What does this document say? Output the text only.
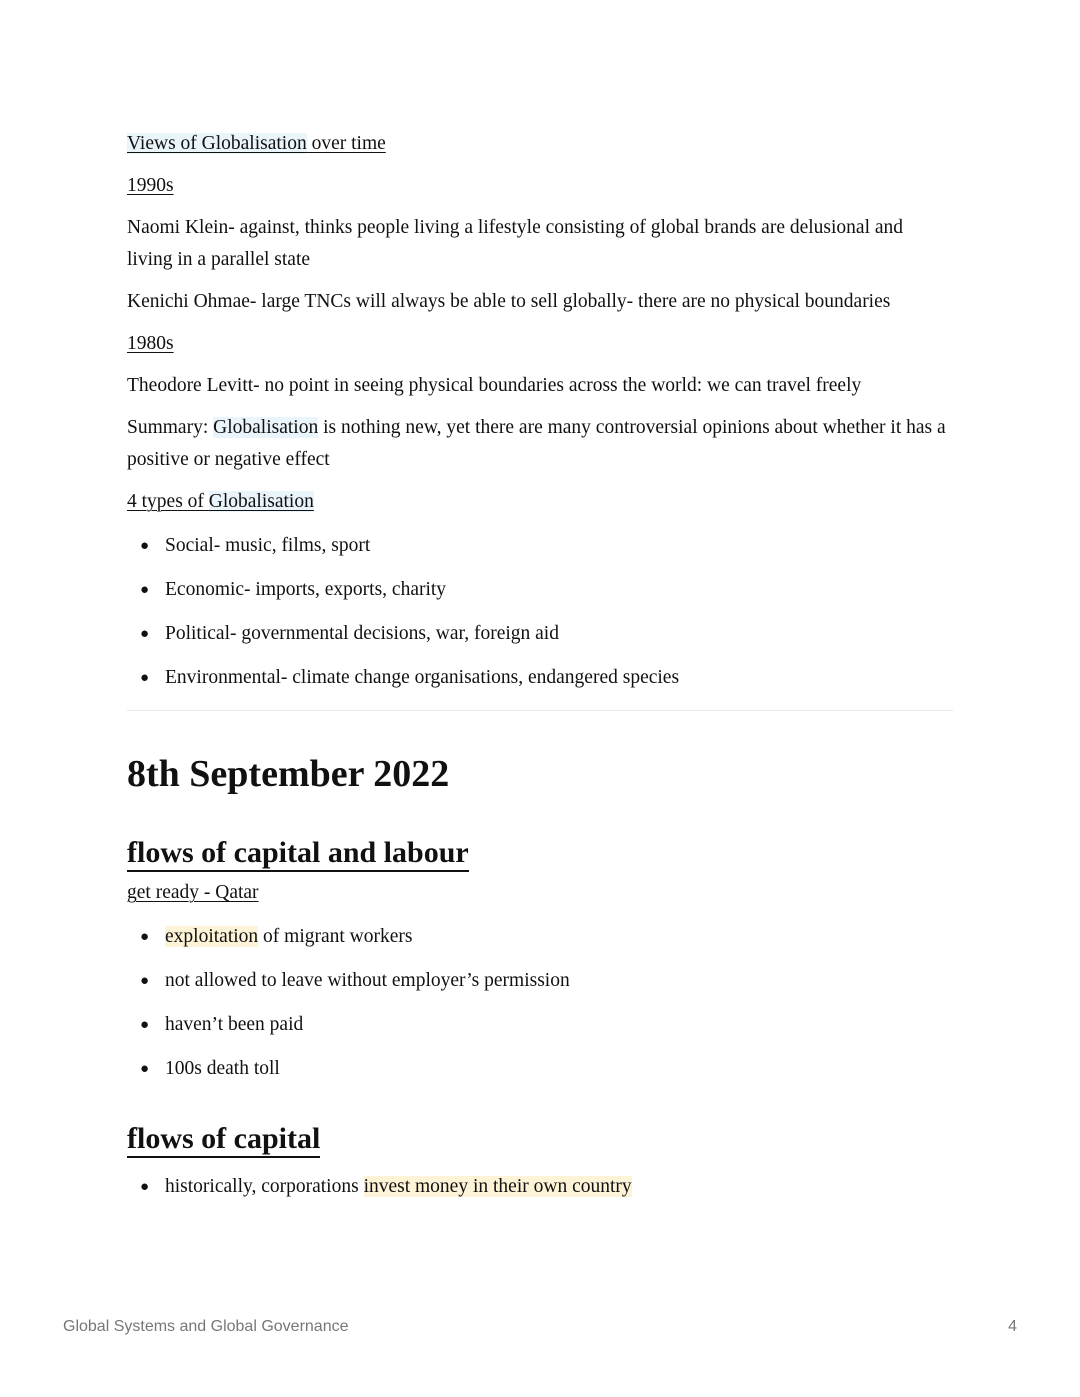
Views of Globalisation over time

1990s

Naomi Klein- against, thinks people living a lifestyle consisting of global brands are delusional and living in a parallel state

Kenichi Ohmae- large TNCs will always be able to sell globally- there are no physical boundaries

1980s

Theodore Levitt- no point in seeing physical boundaries across the world: we can travel freely

Summary: Globalisation is nothing new, yet there are many controversial opinions about whether it has a positive or negative effect

4 types of Globalisation

● Social- music, films, sport
● Economic- imports, exports, charity
● Political- governmental decisions, war, foreign aid
● Environmental- climate change organisations, endangered species
8th September 2022
flows of capital and labour

get ready - Qatar

● exploitation of migrant workers
● not allowed to leave without employer’s permission
● haven’t been paid
● 100s death toll
flows of capital
● historically, corporations invest money in their own country
Global Systems and Global Governance	4
